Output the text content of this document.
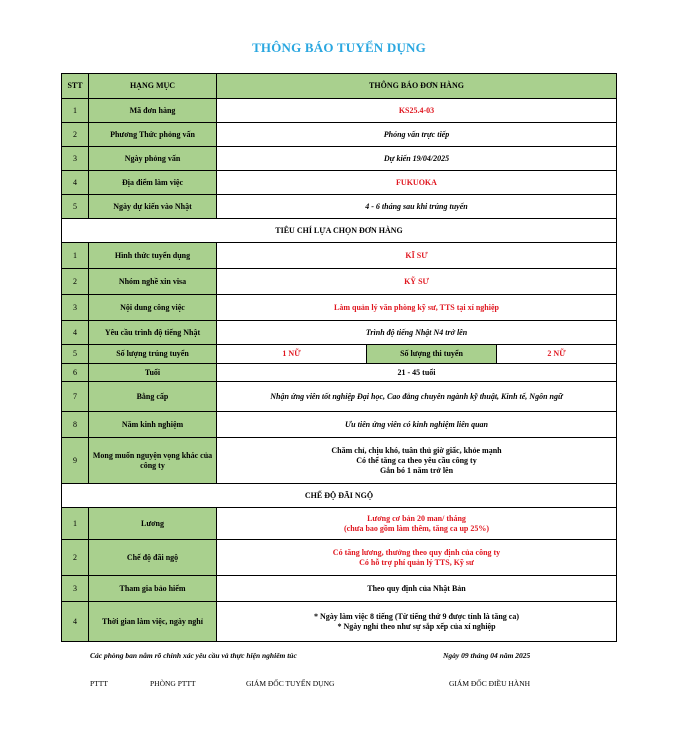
THÔNG BÁO TUYỂN DỤNG
STT	HẠNG MỤC	THÔNG BÁO ĐƠN HÀNG		
1	Mã đơn hàng	KS25.4-03		
2	Phương Thức phỏng vấn	Phỏng vấn trực tiếp		
3	Ngày phỏng vấn	Dự kiến 19/04/2025		
4	Địa điểm làm việc	FUKUOKA		
5	Ngày dự kiến vào Nhật	4 - 6 tháng sau khi trúng tuyển		
TIÊU CHÍ LỰA CHỌN ĐƠN HÀNG				
1	Hình thức tuyển dụng	KĨ SƯ		
2	Nhóm nghề xin visa	KỸ SƯ		
3	Nội dung công việc	Làm quản lý văn phòng kỹ sư, TTS tại xí nghiệp		
4	Yêu cầu trình độ tiếng Nhật	Trình độ tiếng Nhật N4 trở lên		
5	Số lượng trúng tuyển	1 NỮ	Số lượng thi tuyển	2 NỮ
6	Tuổi	21 - 45 tuổi		
7	Bằng cấp	Nhận ứng viên tốt nghiệp Đại học, Cao đẳng chuyên ngành kỹ thuật, Kinh tế, Ngôn ngữ		
8	Năm kinh nghiệm	Ưu tiên ứng viên có kinh nghiệm liên quan		
9	Mong muốn nguyện vọng khác của công ty	Chăm chỉ, chịu khó, tuân thủ giờ giấc, khỏe mạnh
Có thể tăng ca theo yêu cầu công ty
Gắn bó 1 năm trở lên		

CHẾ ĐỘ ĐÃI NGỘ				
1	Lương	Lương cơ bản 20 man/ tháng
(chưa bao gồm làm thêm, tăng ca up 25%)		

2	Chế độ đãi ngộ	Có tăng lương, thưởng theo quy định của công ty
Có hỗ trợ phí quản lý TTS, Kỹ sư		

3	Tham gia bảo hiểm	Theo quy định của Nhật Bản		
4	Thời gian làm việc, ngày nghỉ	* Ngày làm việc 8 tiếng (Từ tiếng thứ 9 được tính là tăng ca)
* Ngày nghỉ theo như sự sắp xếp của xí nghiệp		
Các phòng ban nắm rõ chính xác yêu cầu và thực hiện nghiêm túc	Ngày 09 tháng 04 năm 2025
PTTT	PHÒNG PTTT	GIÁM ĐỐC TUYỂN DỤNG	GIÁM ĐỐC ĐIỀU HÀNH
